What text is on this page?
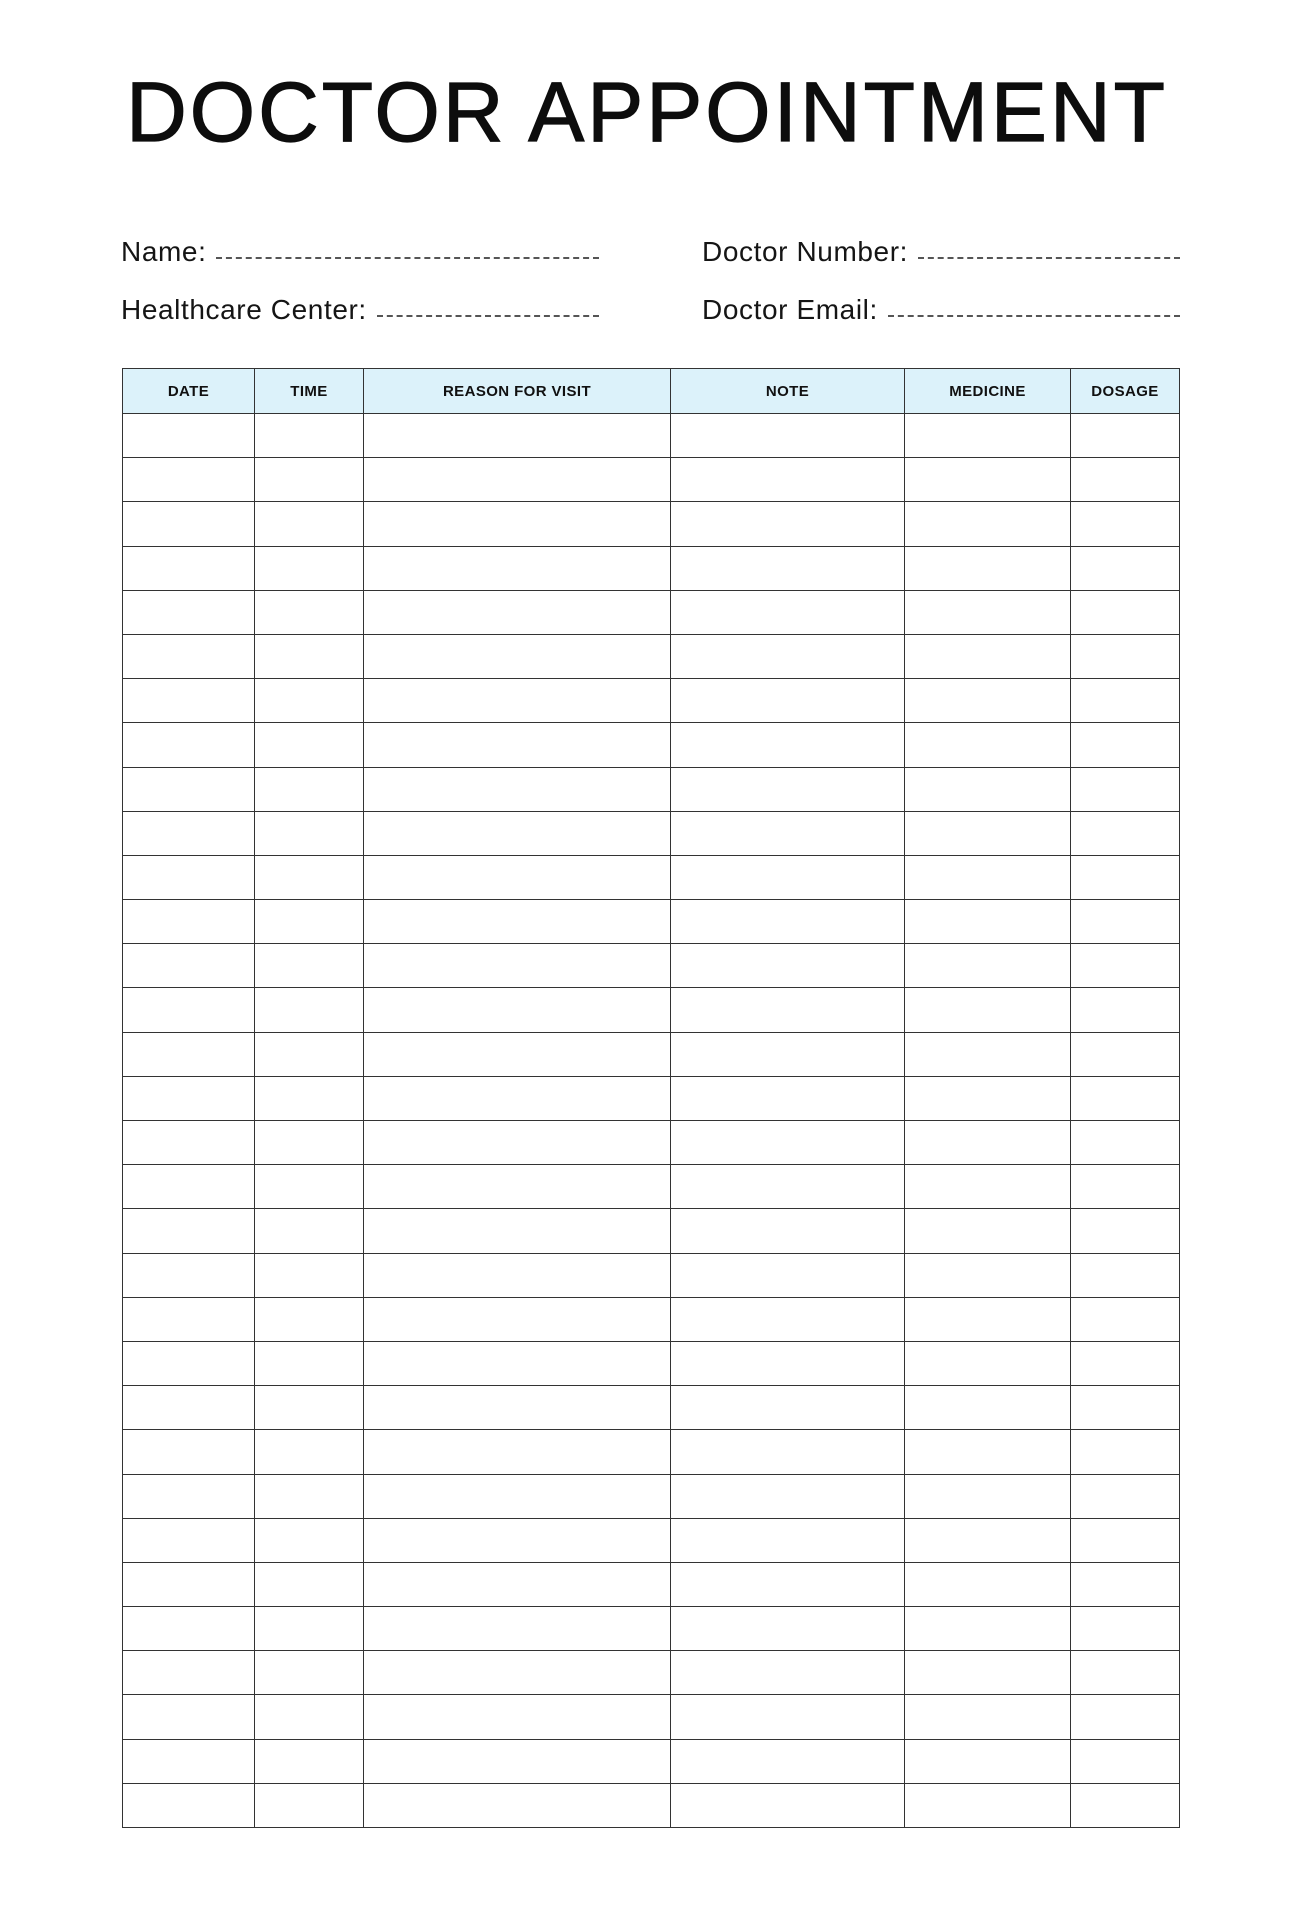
DOCTOR APPOINTMENT
Name:
Healthcare Center:
Doctor Number:
Doctor Email:
DATE	TIME	REASON FOR VISIT	NOTE	MEDICINE	DOSAGE
